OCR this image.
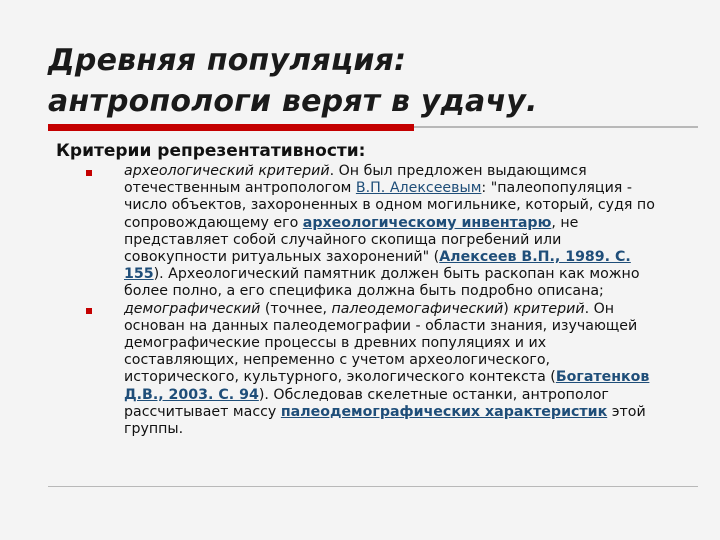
Древняя популяция:
антропологи верят в удачу.
Критерии репрезентативности:
археологический критерий. Он был предложен выдающимся отечественным антропологом В.П. Алексеевым: "палеопопуляция - число объектов, захороненных в одном могильнике, который, судя по сопровождающему его археологическому инвентарю, не представляет собой случайного скопища погребений или совокупности ритуальных захоронений" (Алексеев В.П., 1989. С. 155). Археологический памятник должен быть раскопан как можно более полно, а его специфика должна быть подробно описана;
демографический (точнее, палеодемогафический) критерий. Он основан на данных палеодемографии - области знания, изучающей демографические процессы в древних популяциях и их составляющих, непременно с учетом археологического, исторического, культурного, экологического контекста (Богатенков Д.В., 2003. С. 94). Обследовав скелетные останки, антрополог рассчитывает массу палеодемографических характеристик этой группы.
